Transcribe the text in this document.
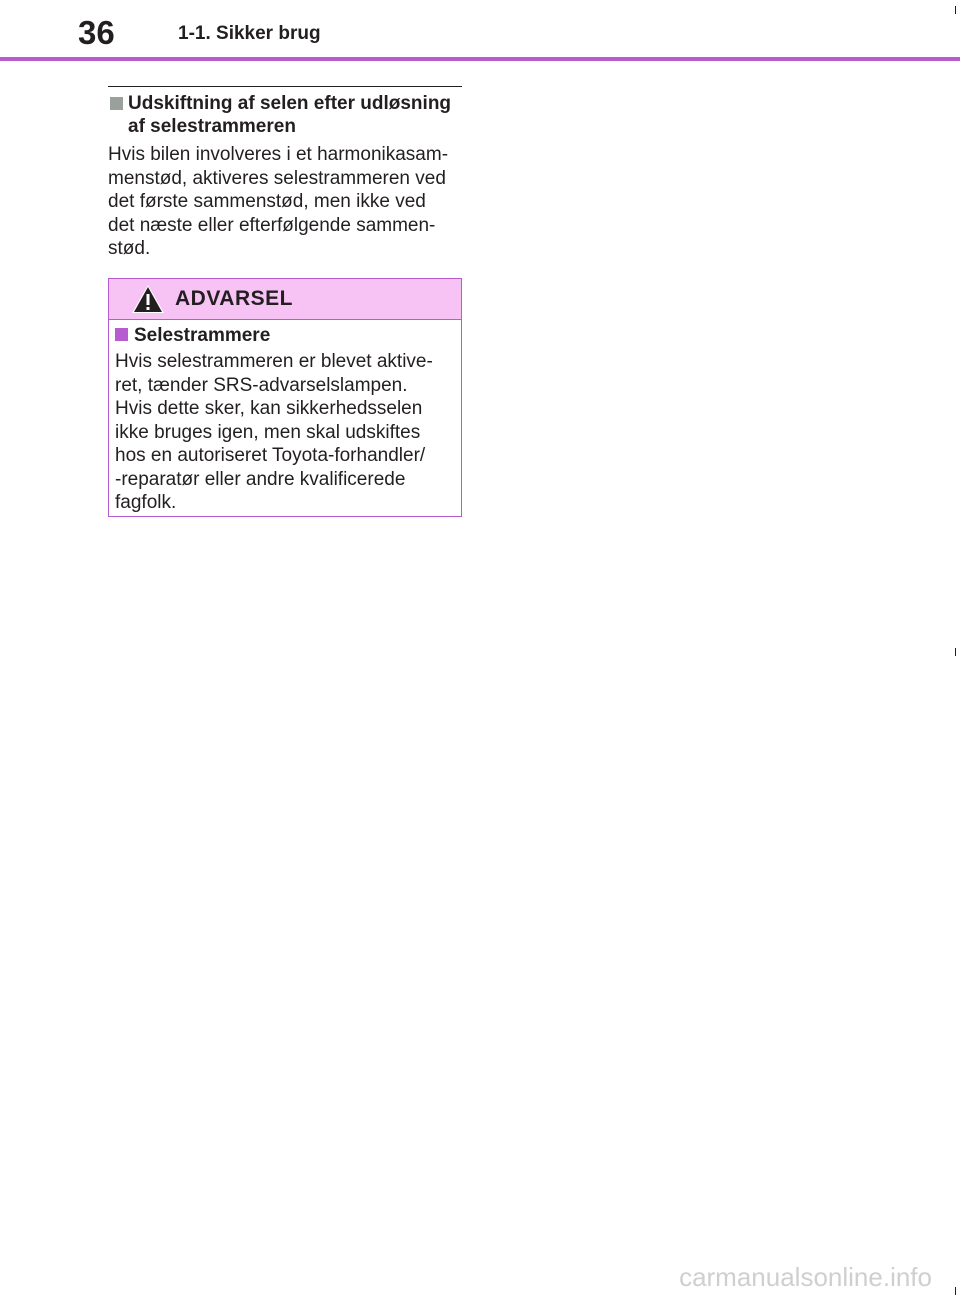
36	1-1. Sikker brug
Udskiftning af selen efter udløsning af selestrammeren
Hvis bilen involveres i et harmonikasam-
menstød, aktiveres selestrammeren ved
det første sammenstød, men ikke ved
det næste eller efterfølgende sammen-
stød.
ADVARSEL
Selestrammere
Hvis selestrammeren er blevet aktive-
ret, tænder SRS-advarselslampen.
Hvis dette sker, kan sikkerhedsselen
ikke bruges igen, men skal udskiftes
hos en autoriseret Toyota-forhandler/
-reparatør eller andre kvalificerede
fagfolk.
carmanualsonline.info
